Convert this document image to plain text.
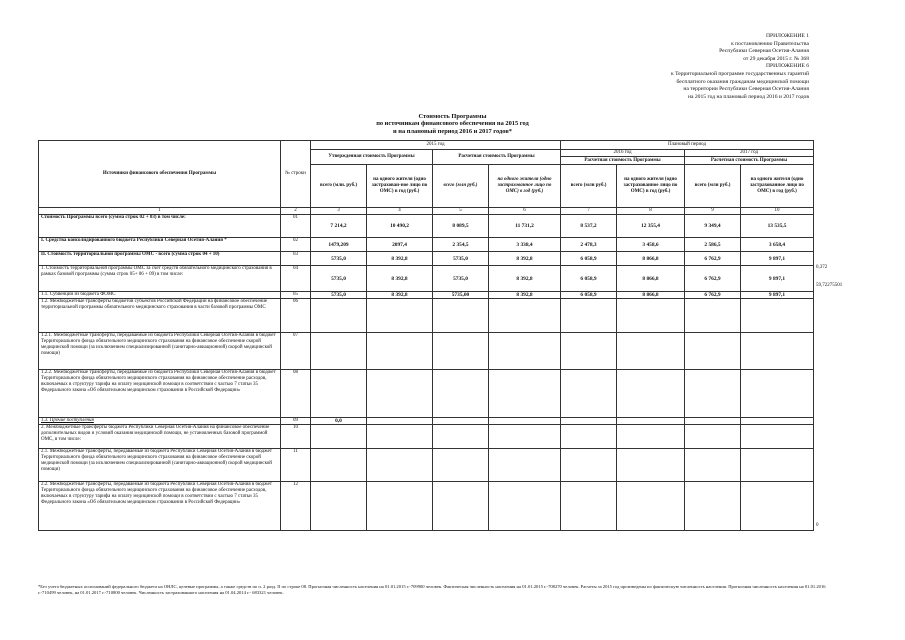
ПРИЛОЖЕНИЕ 1
к постановлению Правительства
Республики Северная Осетия-Алания
от 29 декабря 2015 г. № 368
ПРИЛОЖЕНИЕ 6
к Территориальной программе государственных гарантий
бесплатного оказания гражданам медицинской помощи
на территории Республики Северная Осетия-Алания
на 2015 год на плановый период 2016 и 2017 годов
Стоимость Программы
по источникам финансового обеспечения на 2015 год
и на плановый период 2016 и 2017 годов*
Источники финансового обеспечения Программы	№ строки	2015 год				Плановый период			
		Утвержденная стоимость Программы		Расчетная стоимость Программы		2016 год		2017 год	
						Расчетная стоимость Программы		Расчетная стоимость Программы	
		всего (млн. руб.)	на одного жителя (одно застрахован-ное лицо по ОМС) в год (руб.)	всего (млн руб.)	на одного жителя (одно застрахованное лицо по ОМС) в год (руб.)	всего (млн руб.)	на одного жителя (одно застрахованное лицо по ОМС) в год (руб.)	всего (млн руб.)	на одного жителя (одно застрахованное лицо по ОМС) в год (руб.)
1	2	3	4	5	6	7	8	9	10
Стоимость Программы всего (сумма строк 02 + 03) в том числе:	01	7 214,2	10 490,2	8 089,5	11 731,2	8 537,2	12 355,4	9 349,4	13 535,5
I. Средства консолидированного бюджета Республики Северная Осетия-Алания *	02	1479,209	2097,4	2 354,5	3 338,4	2 478,3	3 458,6	2 586,5	3 658,4
II. Стоимость территориальной программы ОМС - всего (сумма строк 04 + 10)	03	5735,0	8 392,8	5735,0	8 392,8	6 058,9	8 866,8	6 762,9	9 897,1
1. Стоимость территориальной программы ОМС за счет средств обязательного медицинского страхования в рамках базовой программы (сумма строк 05+ 06 + 09) в том числе:	04	5735,0	8 392,8	5735,0	8 392,8	6 058,9	8 866,8	6 762,9	9 897,1
1.1. Субвенции из бюджета ФОМС	05	5735,0	8 392,8	5735,00	8 392,8	6 058,9	8 866,8	6 762,9	9 897,1
1.2. Межбюджетные трансферты бюджетов субъектов Российской Федерации на финансовое обеспечение территориальной программы обязательного медицинского страхования в части базовой программы ОМС	06								
1.2.1. Межбюджетные трансферты, передаваемые из бюджета Республики Северная Осетия-Алания в бюджет Территориального фонда обязательного медицинского страхования на финансовое обеспечение скорой медицинской помощи (за исключением специализированной (санитарно-авиационной) скорой медицинской помощи)	07								
1.2.2. Межбюджетные трансферты, передаваемые из бюджета Республики Северная Осетия-Алания в бюджет Территориального фонда обязательного медицинского страхования на финансовое обеспечение расходов, включаемых в структуру тарифа на оплату медицинской помощи в соответствии с частью 7 статьи 35 Федерального закона «Об обязательном медицинском страховании в Российской Федерации»	08								
1.3. Прочие поступления	09	0,0							
2. Межбюджетные трансферты бюджета Республики Северная Осетия-Алания на финансовое обеспечение дополнительных видов и условий оказания медицинской помощи, не установленных базовой программой ОМС, в том числе:	10								
2.1. Межбюджетные трансферты, передаваемые из бюджета Республики Северная Осетия-Алания в бюджет Территориального фонда обязательного медицинского страхования на финансовое обеспечение скорой медицинской помощи (за исключением специализированной (санитарно-авиационной) скорой медицинской помощи)	11								
2.2. Межбюджетные трансферты, передаваемые из бюджета Республики Северная Осетия-Алания в бюджет Территориального фонда обязательного медицинского страхования на финансовое обеспечение расходов, включаемых в структуру тарифа на оплату медицинской помощи в соответствии с частью 7 статьи 35 Федерального закона «Об обязательном медицинском страховании в Российской Федерации»	12								
0,372
59,72275501
0
*Без учета бюджетных ассигнований федерального бюджета на ОНЛС, целевые программы, а также средств по п. 2 разд. II по строке 08. Прогнозная численность населения на 01.01.2015 г.-709900 человек. Фактическая численность населения на 01.01.2015 г.-708270 человек. Расчеты за 2015 год произведены по фактическую численность населения. Прогнозная численность населения на 01.01.2016 г.-710499 человек, на 01.01.2017 г.-710800 человек. Численность застрахованного населения на 01.04.2014 г.- 683321 человек.
